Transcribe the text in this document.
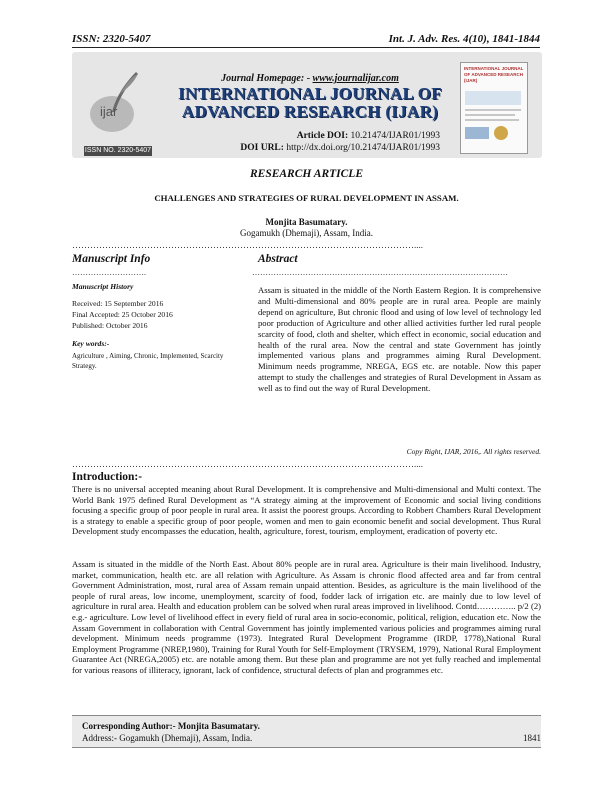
ISSN: 2320-5407	Int. J. Adv. Res. 4(10), 1841-1844
ijar
ISSN NO. 2320-5407
Journal Homepage: - www.journalijar.com
INTERNATIONAL JOURNAL OF
ADVANCED RESEARCH (IJAR)
Article DOI: 10.21474/IJAR01/1993
DOI URL: http://dx.doi.org/10.21474/IJAR01/1993
INTERNATIONAL JOURNAL OF ADVANCED RESEARCH (IJAR)
RESEARCH ARTICLE
CHALLENGES AND STRATEGIES OF RURAL DEVELOPMENT IN ASSAM.
Monjita Basumatary.
Gogamukh (Dhemaji), Assam, India.
……………………………………………………………………………………………………....
Manuscript Info
……………………….
Manuscript History
Received: 15 September 2016
Final Accepted: 25 October 2016
Published: October 2016
Key words:-
Agriculture , Aiming, Chronic, Implemented, Scarcity Strategy.
Abstract
……………………………………………………………………………………
Assam is situated in the middle of the North Eastern Region. It is comprehensive and Multi-dimensional and 80% people are in rural area. People are mainly depend on agriculture, But chronic flood and using of low level of technology led poor production of Agriculture and other allied activities further led rural people scarcity of food, cloth and shelter, which effect in economic, social education and health of the rural area. Now the central and state Government has jointly implemented various plans and programmes aiming Rural Development. Minimum needs programme, NREGA, EGS etc. are notable. Now this paper attempt to study the challenges and strategies of Rural Development in Assam as well as to find out the way of Rural Development.
Copy Right, IJAR, 2016,. All rights reserved.
……………………………………………………………………………………………………....
Introduction:-
There is no universal accepted meaning about Rural Development. It is comprehensive and Multi-dimensional and Multi context. The World Bank 1975 defined Rural Development as “A strategy aiming at the improvement of Economic and social living conditions focusing a specific group of poor people in rural area. It assist the poorest groups. According to Robbert Chambers Rural Development is a strategy to enable a specific group of poor people, women and men to gain economic benefit and social development. Thus Rural Development study encompasses the education, health, agriculture, forest, tourism, employment, eradication of poverty etc.
Assam is situated in the middle of the North East. About 80% people are in rural area. Agriculture is their main livelihood. Industry, market, communication, health etc. are all relation with Agriculture. As Assam is chronic flood affected area and far from central Government Administration, most, rural area of Assam remain unpaid attention. Besides, as agriculture is the main livelihood of the people of rural areas, low income, unemployment, scarcity of food, fodder lack of irrigation etc. are mainly due to low level of agriculture in rural area. Health and education problem can be solved when rural areas improved in livelihood. Contd………….. p/2 (2) e.g.- agriculture. Low level of livelihood effect in every field of rural area in socio-economic, political, religion, education etc. Now the Assam Government in collaboration with Central Government has jointly implemented various policies and programmes aiming rural development. Minimum needs programme (1973). Integrated Rural Development Programme (IRDP, 1778),National Rural Employment Programme (NREP,1980), Training for Rural Youth for Self-Employment (TRYSEM, 1979), National Rural Employment Guarantee Act (NREGA,2005) etc. are notable among them. But these plan and programme are not yet fully reached and implemental for various reasons of illiteracy, ignorant, lack of confidence, structural defects of plan and programmes etc.
Corresponding Author:- Monjita Basumatary.
Address:- Gogamukh (Dhemaji), Assam, India.	1841
